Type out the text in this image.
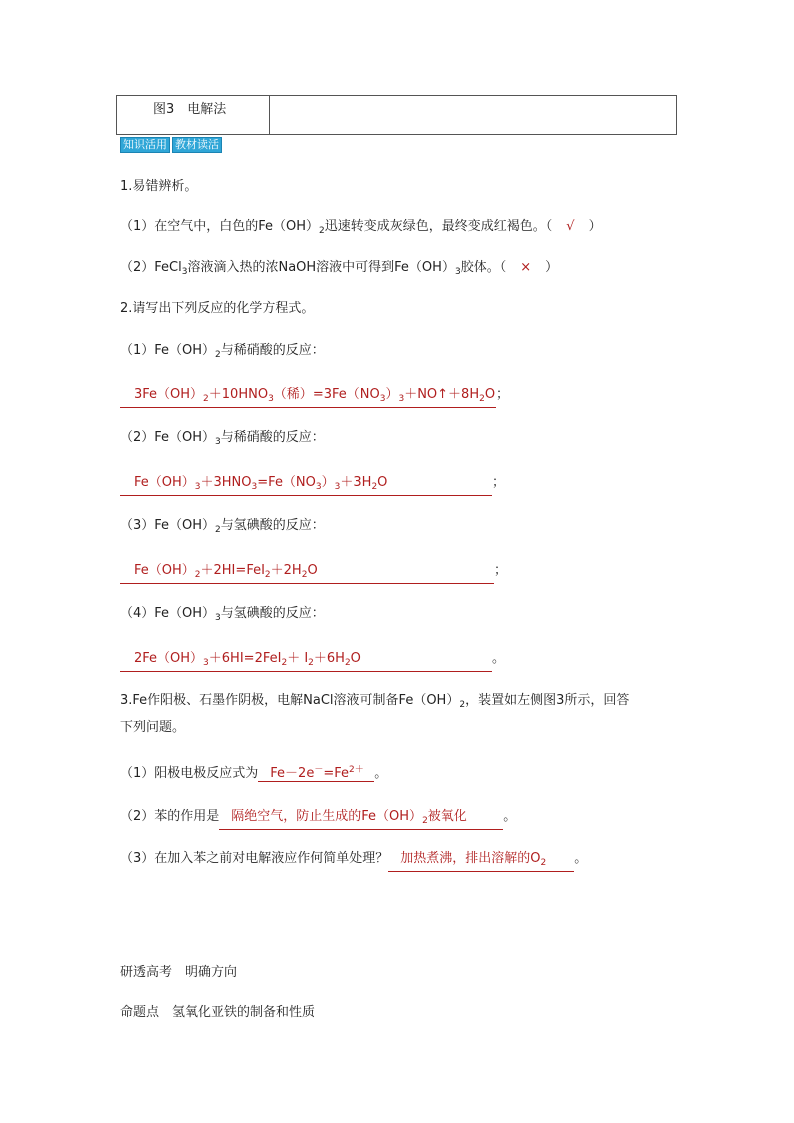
图3　电解法
知识活用 教材读活
1.易错辨析。
（1）在空气中，白色的$Fe(OH)_2$迅速转变成灰绿色，最终变成红褐色。（ √ ）
（2）FeCl$_3$溶液滴入热的浓NaOH溶液中可得到$Fe(OH)_3$胶体。（ × ）
2.请写出下列反应的化学方程式。
$(1)Fe(OH)_2$与稀硝酸的反应：
$3Fe(OH)_2+10HNO_3$（稀）$=3Fe(NO_3)_3+NO↑+8H_2O$；
$(2)Fe(OH)_3$与稀硝酸的反应：
$Fe(OH)_3+3HNO_3=Fe(NO_3)_3+3H_2O$	；
$(3)Fe(OH)_2$与氢碘酸的反应：
$Fe(OH)_2+2HI=FeI_2+2H_2O$	；
$(4)Fe(OH)_3$与氢碘酸的反应：
$2Fe(OH)_3+6HI=2FeI_2+ I_2+6H_2O$	。
3.Fe作阳极、石墨作阴极，电解NaCl溶液可制备$Fe(OH)_2$，装置如左侧图3所示，回答
下列问题。
（1）阳极电极反应式为 $Fe-2e^-=Fe^{2+}$ 。
（2）苯的作用是 隔绝空气，防止生成的$Fe(OH)_2$被氧化	。
（3）在加入苯之前对电解液应作何简单处理？ 加热煮沸，排出溶解的$O_2$ 。
研透高考　明确方向
命题点　氢氧化亚铁的制备和性质
